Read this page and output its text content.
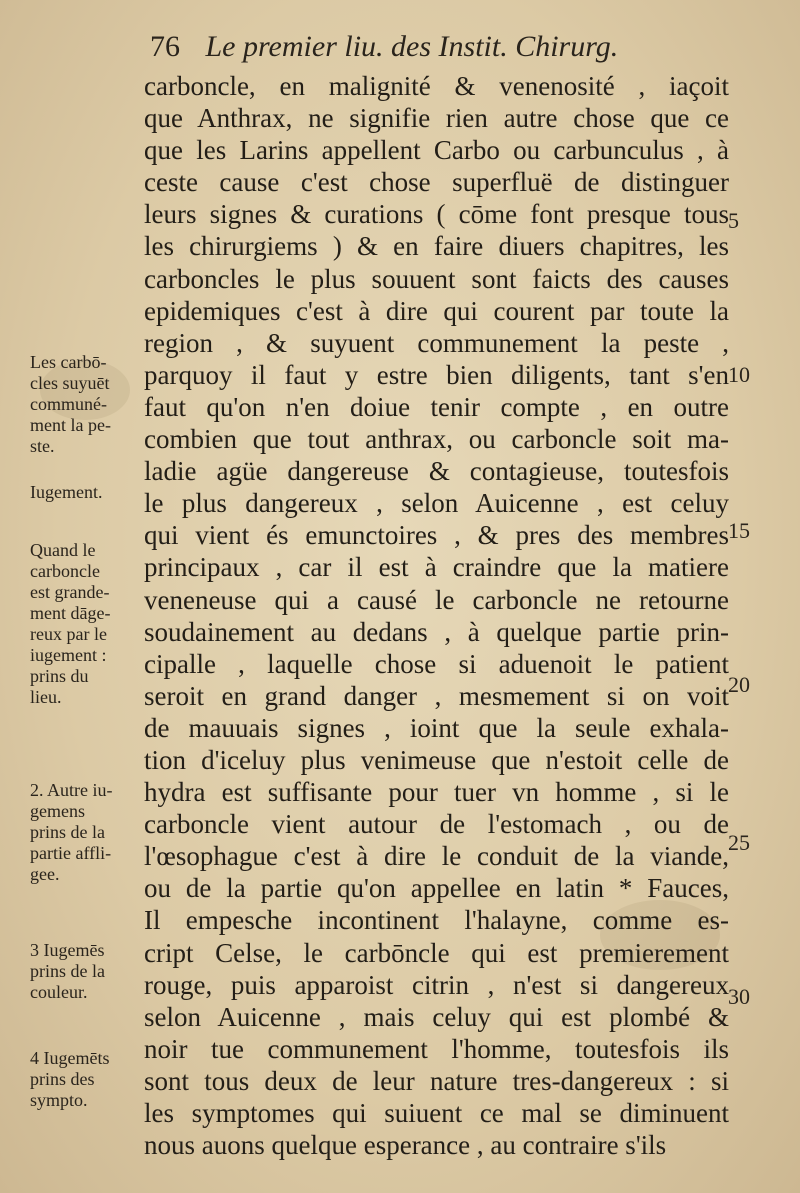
76 Le premier liu. des Instit. Chirurg.
carboncle, en malignité & venenosité , iaçoit
que Anthrax, ne signifie rien autre chose que ce
que les Larins appellent Carbo ou carbunculus , à
ceste cause c'est chose superfluë de distinguer
leurs signes & curations ( cōme font presque tous
les chirurgiems ) & en faire diuers chapitres, les
carboncles le plus souuent sont faicts des causes
epidemiques c'est à dire qui courent par toute la
region , & suyuent communement la peste ,
parquoy il faut y estre bien diligents, tant s'en
faut qu'on n'en doiue tenir compte , en outre
combien que tout anthrax, ou carboncle soit ma-
ladie agüe dangereuse & contagieuse, toutesfois
le plus dangereux , selon Auicenne , est celuy
qui vient és emunctoires , & pres des membres
principaux , car il est à craindre que la matiere
veneneuse qui a causé le carboncle ne retourne
soudainement au dedans , à quelque partie prin-
cipalle , laquelle chose si aduenoit le patient
seroit en grand danger , mesmement si on voit
de mauuais signes , ioint que la seule exhala-
tion d'iceluy plus venimeuse que n'estoit celle de
hydra est suffisante pour tuer vn homme , si le
carboncle vient autour de l'estomach , ou de
l'œsophague c'est à dire le conduit de la viande,
ou de la partie qu'on appellee en latin * Fauces,
Il empesche incontinent l'halayne, comme es-
cript Celse, le carbōncle qui est premierement
rouge, puis apparoist citrin , n'est si dangereux
selon Auicenne , mais celuy qui est plombé &
noir tue communement l'homme, toutesfois ils
sont tous deux de leur nature tres-dangereux : si
les symptomes qui suiuent ce mal se diminuent
nous auons quelque esperance , au contraire s'ils
Les carbō-
cles suyuēt
communé-
ment la pe-
ste.
Iugement.
Quand le
carboncle
est grande-
ment dāge-
reux par le
iugement :
prins du
lieu.
2. Autre iu-
gemens
prins de la
partie affli-
gee.
3 Iugemēs
prins de la
couleur.
4 Iugemēts
prins des
sympto.
5
10
15
20
25
30
